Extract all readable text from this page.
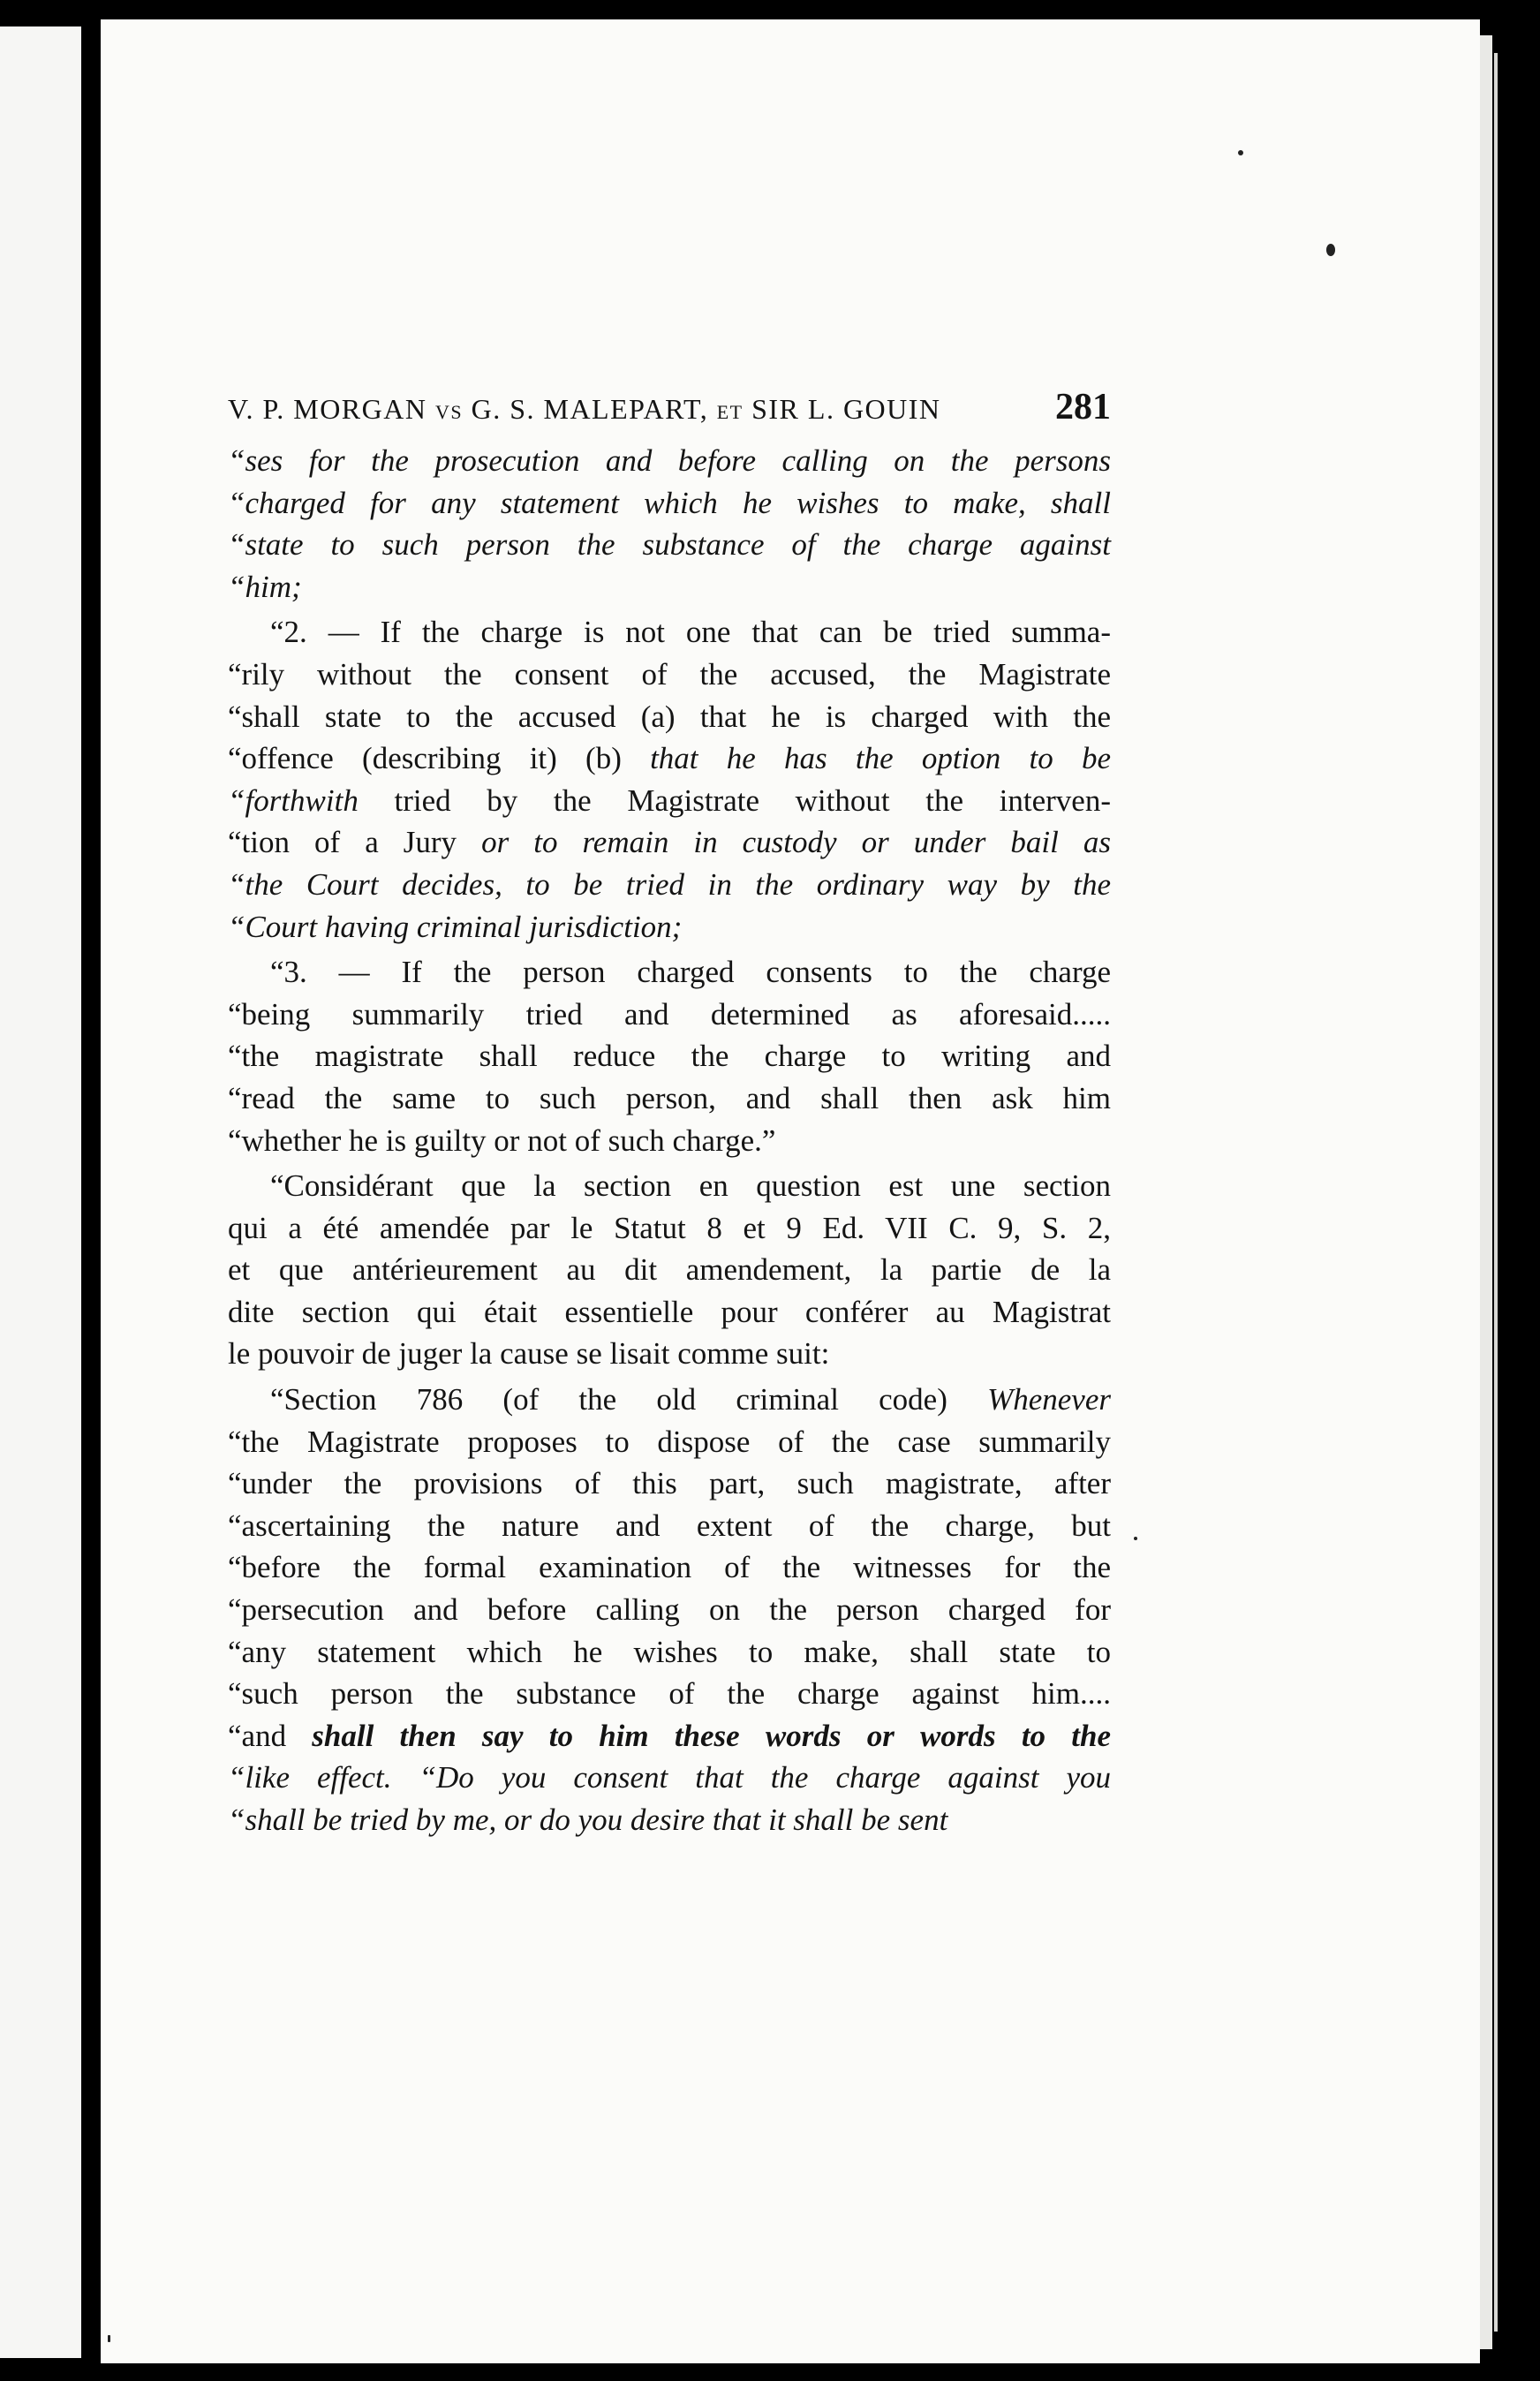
V. P. MORGAN vs G. S. MALEPART, et SIR L. GOUIN	281
“ses for the prosecution and before calling on the persons
“charged for any statement which he wishes to make, shall
“state to such person the substance of the charge against
“him;
“2. — If the charge is not one that can be tried summa-
“rily without the consent of the accused, the Magistrate
“shall state to the accused (a) that he is charged with the
“offence (describing it) (b) that he has the option to be
“forthwith tried by the Magistrate without the interven-
“tion of a Jury or to remain in custody or under bail as
“the Court decides, to be tried in the ordinary way by the
“Court having criminal jurisdiction;
“3. — If the person charged consents to the charge
“being summarily tried and determined as aforesaid.....
“the magistrate shall reduce the charge to writing and
“read the same to such person, and shall then ask him
“whether he is guilty or not of such charge.”
“Considérant que la section en question est une section
qui a été amendée par le Statut 8 et 9 Ed. VII C. 9, S. 2,
et que antérieurement au dit amendement, la partie de la
dite section qui était essentielle pour conférer au Magistrat
le pouvoir de juger la cause se lisait comme suit:
“Section 786 (of the old criminal code) Whenever
“the Magistrate proposes to dispose of the case summarily
“under the provisions of this part, such magistrate, after
“ascertaining the nature and extent of the charge, but
“before the formal examination of the witnesses for the
“persecution and before calling on the person charged for
“any statement which he wishes to make, shall state to
“such person the substance of the charge against him....
“and shall then say to him these words or words to the
“like effect. “Do you consent that the charge against you
“shall be tried by me, or do you desire that it shall be sent
